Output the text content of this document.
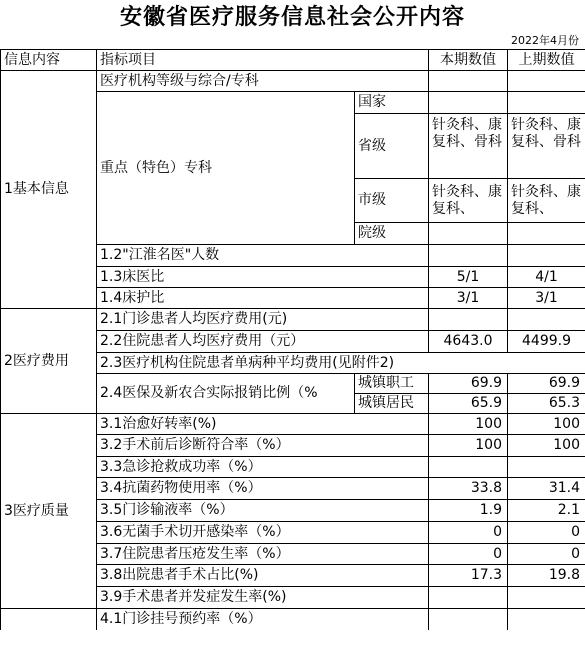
安徽省医疗服务信息社会公开内容
2022年4月份
信息内容	指标项目		本期数值	上期数值
1基本信息	医疗机构等级与综合/专科			
	重点（特色）专科	国家		
		省级	针灸科、康复科、骨科	针灸科、康复科、骨科
		市级	针灸科、康复科、	针灸科、康复科、
		院级		

	1.2"江淮名医"人数			
	1.3床医比		5/1	4/1
	1.4床护比		3/1	3/1

2医疗费用	2.1门诊患者人均医疗费用(元)			
	2.2住院患者人均医疗费用（元）		4643.0	4499.9
	2.3医疗机构住院患者单病种平均费用(见附件2)			
	2.4医保及新农合实际报销比例（%	城镇职工	69.9	69.9
		城镇居民	65.9	65.3

3医疗质量	3.1治愈好转率(%)		100	100
	3.2手术前后诊断符合率（%）		100	100
	3.3急诊抢救成功率（%）			
	3.4抗菌药物使用率（%）		33.8	31.4
	3.5门诊输液率（%）		1.9	2.1
	3.6无菌手术切开感染率（%）		0	0
	3.7住院患者压疮发生率（%）		0	0
	3.8出院患者手术占比(%)		17.3	19.8
	3.9手术患者并发症发生率(%)			
	4.1门诊挂号预约率（%）			
